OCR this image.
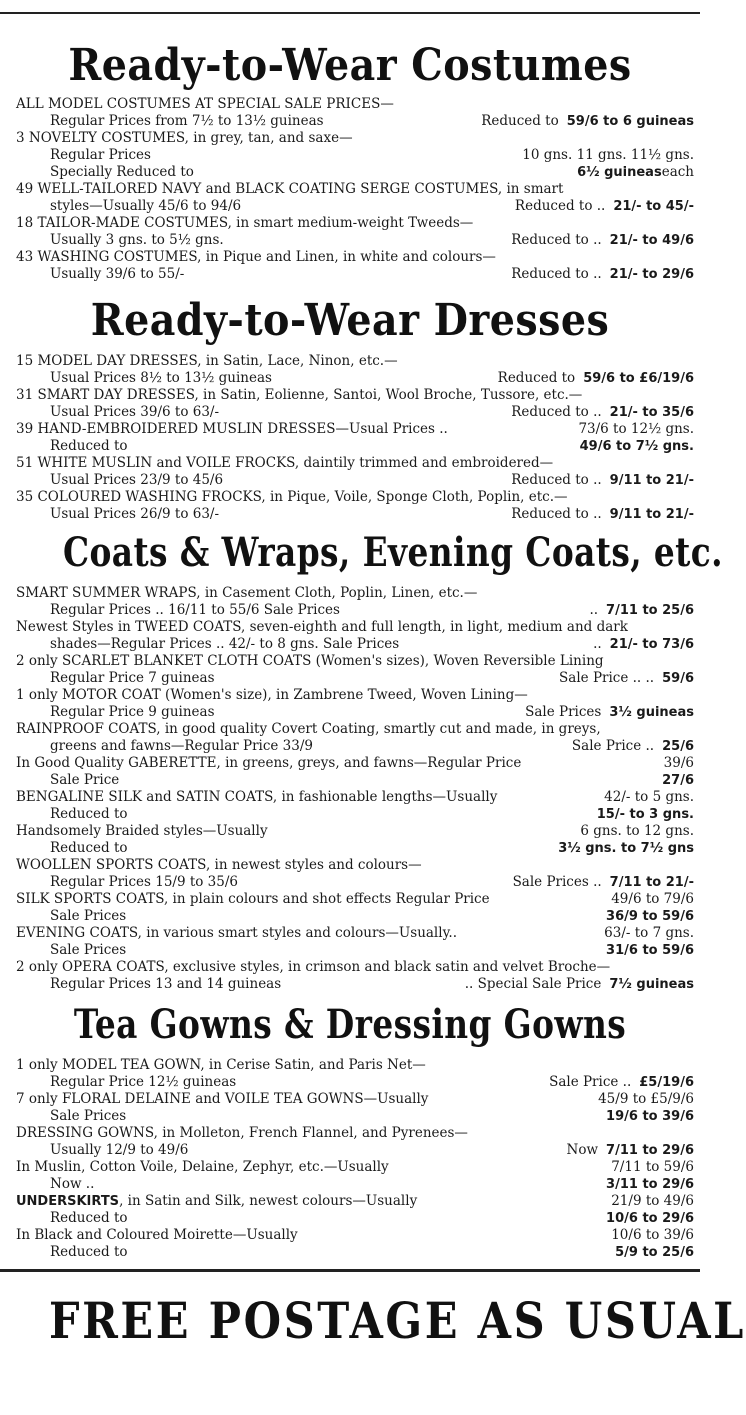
Ready-to-Wear Costumes
ALL MODEL COSTUMES AT SPECIAL SALE PRICES—
Regular Prices from 7½ to 13½ guineas	Reduced to 59/6 to 6 guineas
3 NOVELTY COSTUMES, in grey, tan, and saxe—
Regular Prices	10 gns. 11 gns. 11½ gns.
Specially Reduced to	6½ guineas each
49 WELL-TAILORED NAVY and BLACK COATING SERGE COSTUMES, in smart
styles—Usually 45/6 to 94/6	Reduced to .. 21/- to 45/-
18 TAILOR-MADE COSTUMES, in smart medium-weight Tweeds—
Usually 3 gns. to 5½ gns.	Reduced to .. 21/- to 49/6
43 WASHING COSTUMES, in Pique and Linen, in white and colours—
Usually 39/6 to 55/-	Reduced to .. 21/- to 29/6
Ready-to-Wear Dresses
15 MODEL DAY DRESSES, in Satin, Lace, Ninon, etc.—
Usual Prices 8½ to 13½ guineas	Reduced to 59/6 to £6/19/6
31 SMART DAY DRESSES, in Satin, Eolienne, Santoi, Wool Broche, Tussore, etc.—
Usual Prices 39/6 to 63/-	Reduced to .. 21/- to 35/6
39 HAND-EMBROIDERED MUSLIN DRESSES—Usual Prices ..	73/6 to 12½ gns.
Reduced to	49/6 to 7½ gns.
51 WHITE MUSLIN and VOILE FROCKS, daintily trimmed and embroidered—
Usual Prices 23/9 to 45/6	Reduced to .. 9/11 to 21/-
35 COLOURED WASHING FROCKS, in Pique, Voile, Sponge Cloth, Poplin, etc.—
Usual Prices 26/9 to 63/-	Reduced to .. 9/11 to 21/-
Coats & Wraps, Evening Coats, etc.
SMART SUMMER WRAPS, in Casement Cloth, Poplin, Linen, etc.—
Regular Prices .. 16/11 to 55/6 Sale Prices	.. 7/11 to 25/6
Newest Styles in TWEED COATS, seven-eighth and full length, in light, medium and dark
shades—Regular Prices .. 42/- to 8 gns. Sale Prices	.. 21/- to 73/6
2 only SCARLET BLANKET CLOTH COATS (Women's sizes), Woven Reversible Lining
Regular Price 7 guineas	Sale Price .. .. 59/6
1 only MOTOR COAT (Women's size), in Zambrene Tweed, Woven Lining—
Regular Price 9 guineas	Sale Prices 3½ guineas
RAINPROOF COATS, in good quality Covert Coating, smartly cut and made, in greys,
greens and fawns—Regular Price 33/9	Sale Price .. 25/6
In Good Quality GABERETTE, in greens, greys, and fawns—Regular Price	39/6
Sale Price	27/6
BENGALINE SILK and SATIN COATS, in fashionable lengths—Usually	42/- to 5 gns.
Reduced to	15/- to 3 gns.
Handsomely Braided styles—Usually	6 gns. to 12 gns.
Reduced to	3½ gns. to 7½ gns
WOOLLEN SPORTS COATS, in newest styles and colours—
Regular Prices 15/9 to 35/6	Sale Prices .. 7/11 to 21/-
SILK SPORTS COATS, in plain colours and shot effects Regular Price	49/6 to 79/6
Sale Prices	36/9 to 59/6
EVENING COATS, in various smart styles and colours—Usually..	63/- to 7 gns.
Sale Prices	31/6 to 59/6
2 only OPERA COATS, exclusive styles, in crimson and black satin and velvet Broche—
Regular Prices 13 and 14 guineas	.. Special Sale Price 7½ guineas
Tea Gowns & Dressing Gowns
1 only MODEL TEA GOWN, in Cerise Satin, and Paris Net—
Regular Price 12½ guineas	Sale Price .. £5/19/6
7 only FLORAL DELAINE and VOILE TEA GOWNS—Usually	45/9 to £5/9/6
Sale Prices	19/6 to 39/6
DRESSING GOWNS, in Molleton, French Flannel, and Pyrenees—
Usually 12/9 to 49/6	Now 7/11 to 29/6
In Muslin, Cotton Voile, Delaine, Zephyr, etc.—Usually	7/11 to 59/6
Now ..	3/11 to 29/6
UNDERSKIRTS , in Satin and Silk, newest colours—Usually	21/9 to 49/6
Reduced to	10/6 to 29/6
In Black and Coloured Moirette—Usually	10/6 to 39/6
Reduced to	5/9 to 25/6
FREE POSTAGE AS USUAL
